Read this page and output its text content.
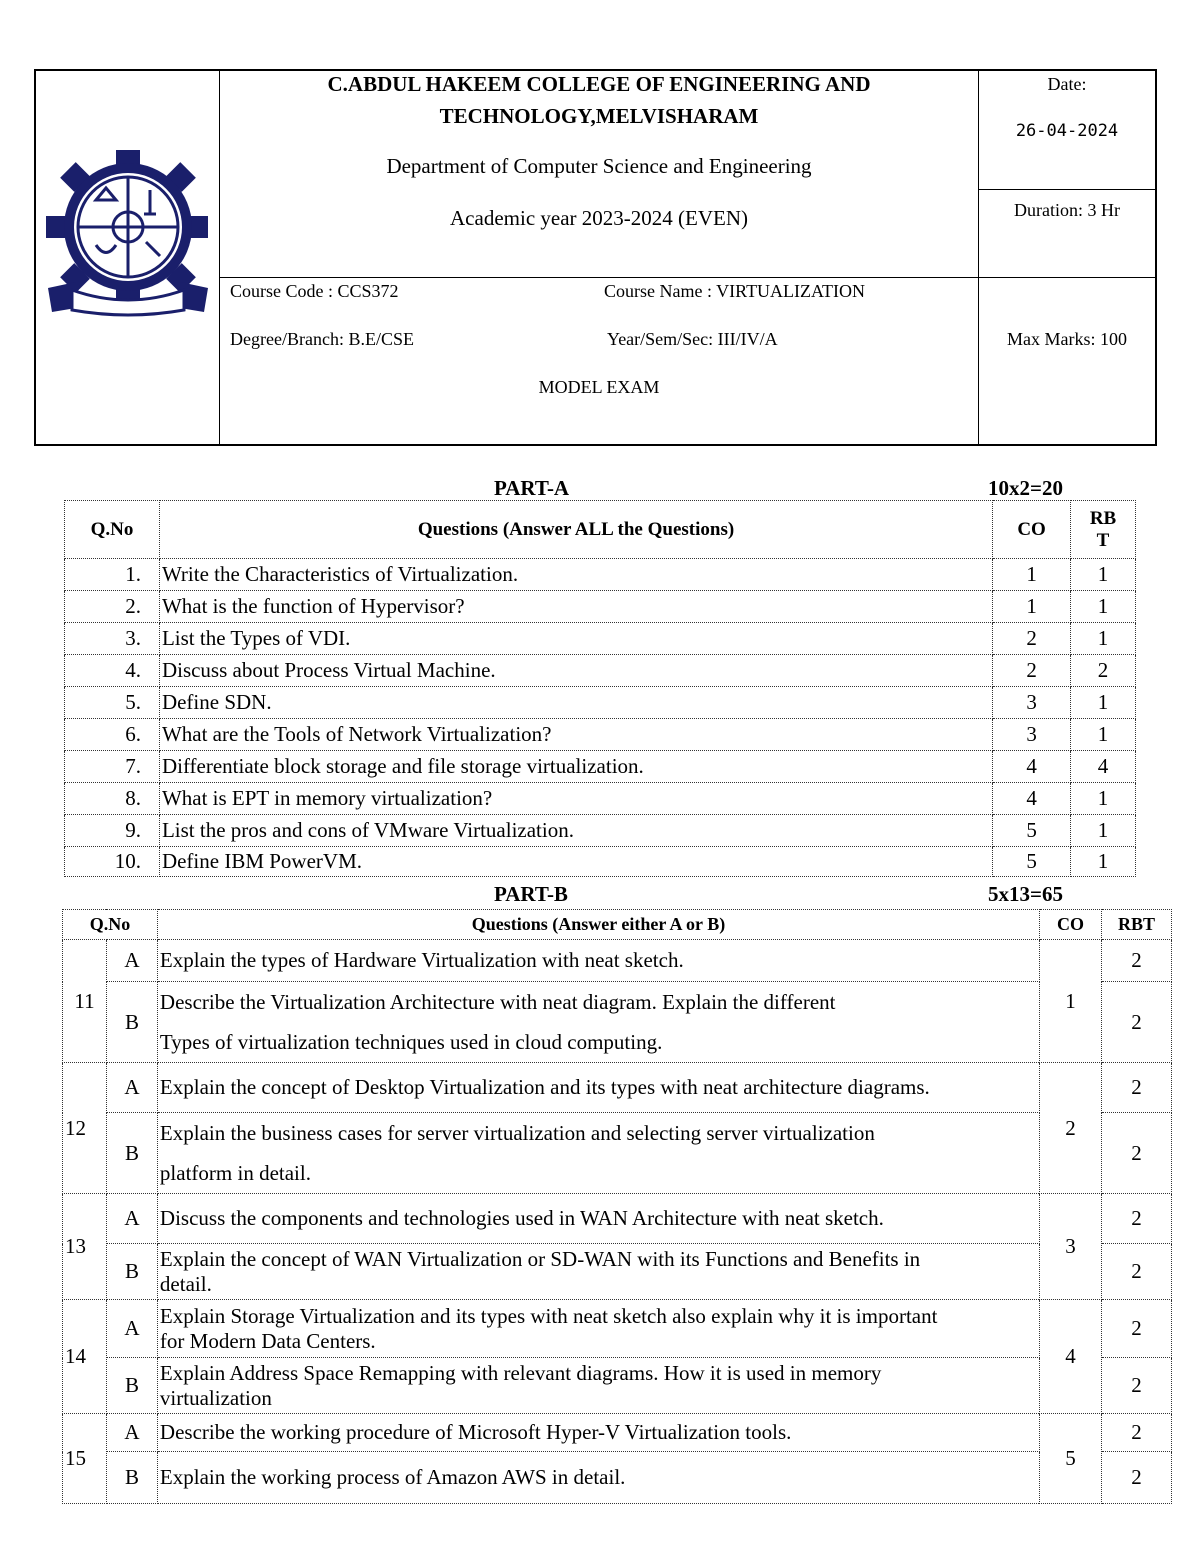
C.ABDUL HAKEEM COLLEGE OF ENGINEERING AND
TECHNOLOGY,MELVISHARAM
Department of Computer Science and Engineering
Academic year 2023-2024 (EVEN)
Date:
26-04-2024
Duration: 3 Hr
Course Code : CCS372	Course Name : VIRTUALIZATION
Degree/Branch: B.E/CSE	Year/Sem/Sec: III/IV/A
MODEL EXAM
Max Marks: 100
PART-A	10x2=20
Q.No	Questions (Answer ALL the Questions)	CO	RB
T

1.	Write the Characteristics of Virtualization.	1	1
2.	What is the function of Hypervisor?	1	1
3.	List the Types of VDI.	2	1
4.	Discuss about Process Virtual Machine.	2	2
5.	Define SDN.	3	1
6.	What are the Tools of Network Virtualization?	3	1
7.	Differentiate block storage and file storage virtualization.	4	4
8.	What is EPT in memory virtualization?	4	1
9.	List the pros and cons of VMware Virtualization.	5	1
10.	Define IBM PowerVM.	5	1
PART-B	5x13=65
Q.No		Questions (Answer either A or B)	CO	RBT
11	A	Explain the types of Hardware Virtualization with neat sketch.	1	2
	B	Describe the Virtualization Architecture with neat diagram. Explain the different
Types of virtualization techniques used in cloud computing.		2
12	A	Explain the concept of Desktop Virtualization and its types with neat architecture diagrams.	2	2
	B	Explain the business cases for server virtualization and selecting server virtualization
platform in detail.		2
13	A	Discuss the components and technologies used in WAN Architecture with neat sketch.	3	2
	B	Explain the concept of WAN Virtualization or SD-WAN with its Functions and Benefits in
detail.		2
14	A	Explain Storage Virtualization and its types with neat sketch also explain why it is important
for Modern Data Centers.	4	2
	B	Explain Address Space Remapping with relevant diagrams. How it is used in memory
virtualization		2
15	A	Describe the working procedure of Microsoft Hyper-V Virtualization tools.	5	2
	B	Explain the working process of Amazon AWS in detail.		2
